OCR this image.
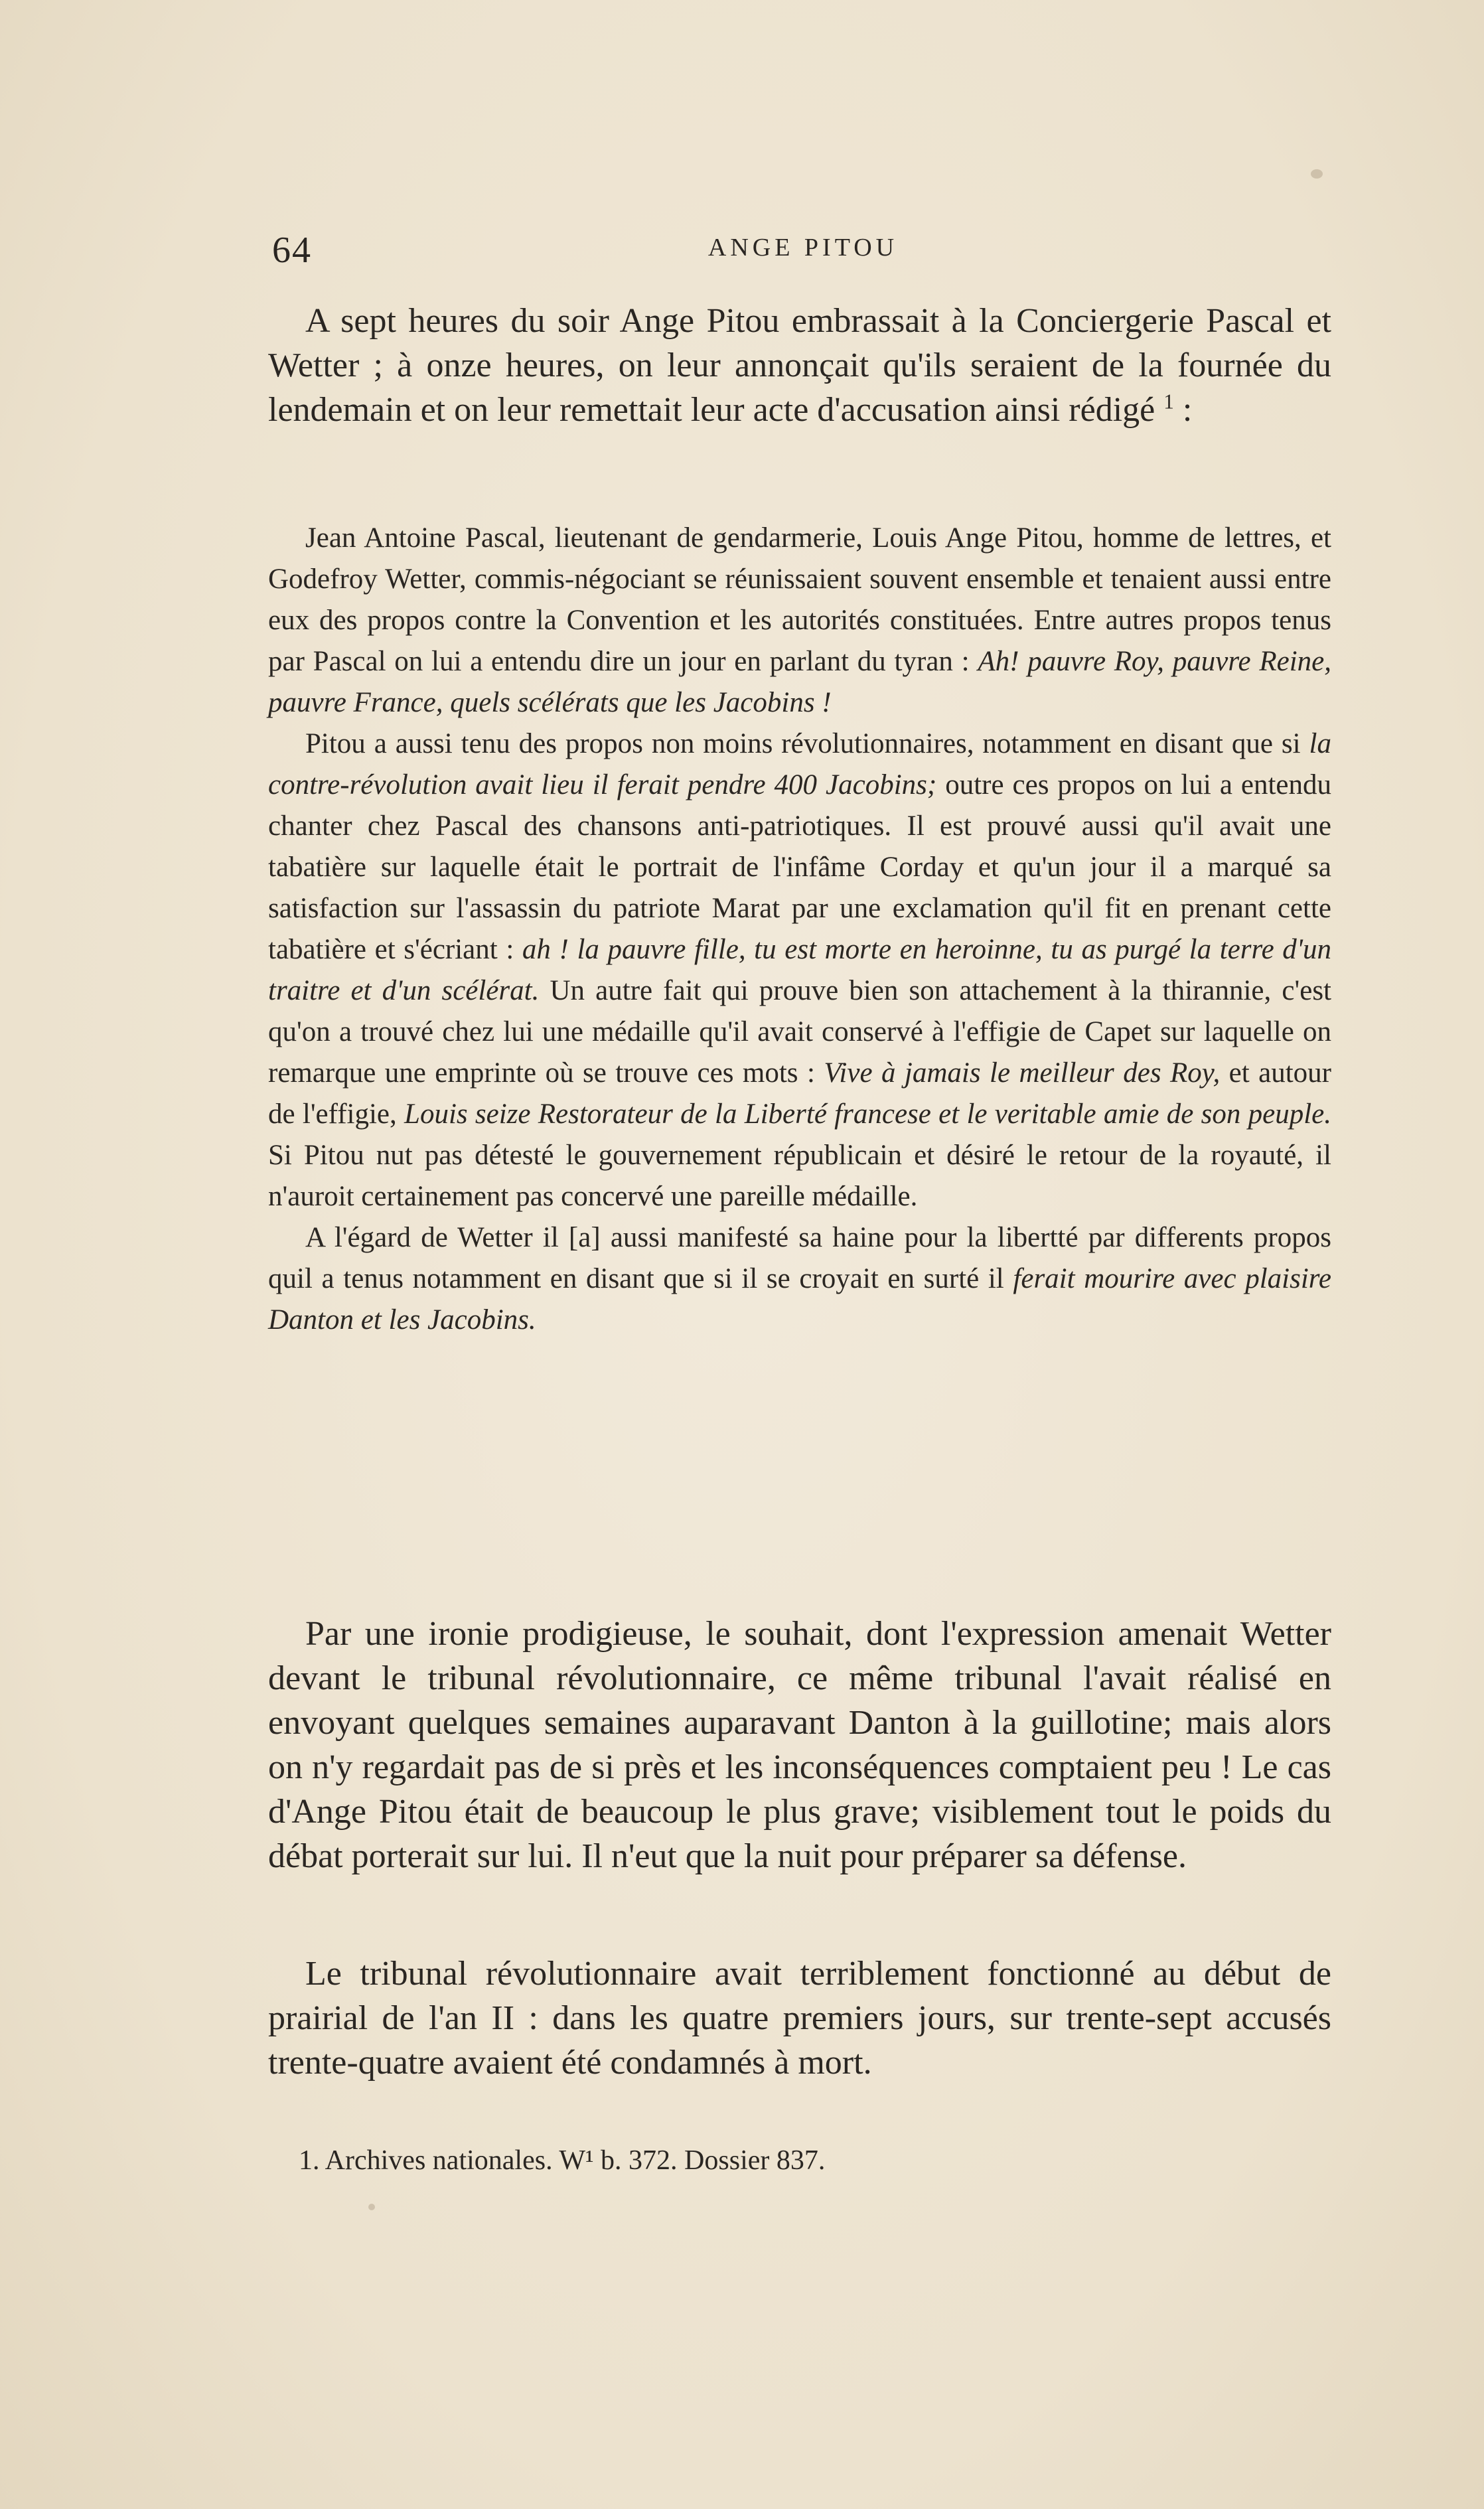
64	ANGE PITOU

A sept heures du soir Ange Pitou embrassait à la Conciergerie Pascal et Wetter ; à onze heures, on leur annonçait qu'ils seraient de la fournée du lendemain et on leur remettait leur acte d'accusation ainsi rédigé $^1$ :

Jean Antoine Pascal, lieutenant de gendarmerie, Louis Ange Pitou, homme de lettres, et Godefroy Wetter, commis-négociant se réunissaient souvent ensemble et tenaient aussi entre eux des propos contre la Convention et les autorités constituées. Entre autres propos tenus par Pascal on lui a entendu dire un jour en parlant du tyran : Ah! pauvre Roy, pauvre Reine, pauvre France, quels scélérats que les Jacobins !

Pitou a aussi tenu des propos non moins révolutionnaires, notamment en disant que si la contre-révolution avait lieu il ferait pendre 400 Jacobins; outre ces propos on lui a entendu chanter chez Pascal des chansons anti-patriotiques. Il est prouvé aussi qu'il avait une tabatière sur laquelle était le portrait de l'infâme Corday et qu'un jour il a marqué sa satisfaction sur l'assassin du patriote Marat par une exclamation qu'il fit en prenant cette tabatière et s'écriant : ah ! la pauvre fille, tu est morte en heroinne, tu as purgé la terre d'un traitre et d'un scélérat. Un autre fait qui prouve bien son attachement à la thirannie, c'est qu'on a trouvé chez lui une médaille qu'il avait conservé à l'effigie de Capet sur laquelle on remarque une emprinte où se trouve ces mots : Vive à jamais le meilleur des Roy, et autour de l'effigie, Louis seize Restorateur de la Liberté francese et le veritable amie de son peuple. Si Pitou nut pas détesté le gouvernement républicain et désiré le retour de la royauté, il n'auroit certainement pas concervé une pareille médaille.

A l'égard de Wetter il [a] aussi manifesté sa haine pour la libertté par differents propos quil a tenus notamment en disant que si il se croyait en surté il ferait mourire avec plaisire Danton et les Jacobins.

Par une ironie prodigieuse, le souhait, dont l'expression amenait Wetter devant le tribunal révolutionnaire, ce même tribunal l'avait réalisé en envoyant quelques semaines auparavant Danton à la guillotine; mais alors on n'y regardait pas de si près et les inconséquences comptaient peu ! Le cas d'Ange Pitou était de beaucoup le plus grave; visiblement tout le poids du débat porterait sur lui. Il n'eut que la nuit pour préparer sa défense.

Le tribunal révolutionnaire avait terriblement fonctionné au début de prairial de l'an II : dans les quatre premiers jours, sur trente-sept accusés trente-quatre avaient été condamnés à mort.

1. Archives nationales. W¹ b. 372. Dossier 837.
